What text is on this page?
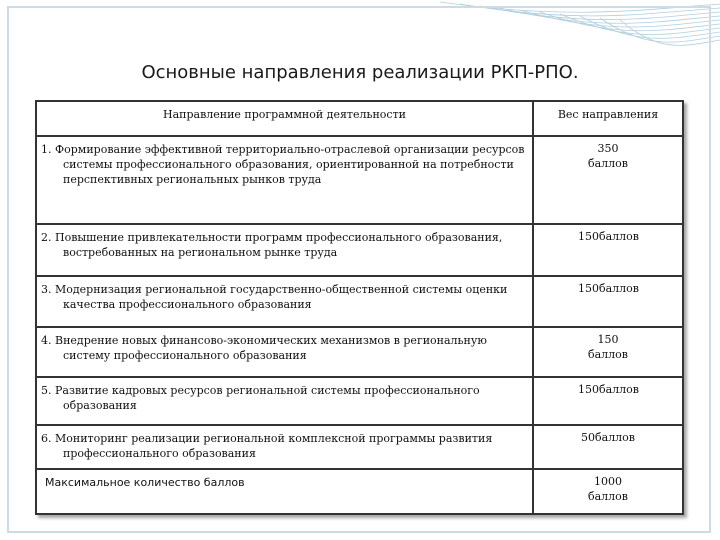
Основные направления реализации РКП-РПО.
Направление программной деятельности	Вес направления

1. Формирование эффективной территориально-отраслевой организации ресурсов системы профессионального образования, ориентированной на потребности перспективных региональных рынков труда	350 баллов

2. Повышение привлекательности программ профессионального образования, востребованных на региональном рынке труда	150баллов

3. Модернизация региональной государственно-общественной системы оценки качества профессионального образования	150баллов

4. Внедрение новых финансово-экономических механизмов в региональную систему профессионального образования	150 баллов

5. Развитие кадровых ресурсов региональной системы профессионального образования	150баллов

6. Мониторинг реализации региональной комплексной программы развития профессионального образования	50баллов
Максимальное количество баллов	1000 баллов
